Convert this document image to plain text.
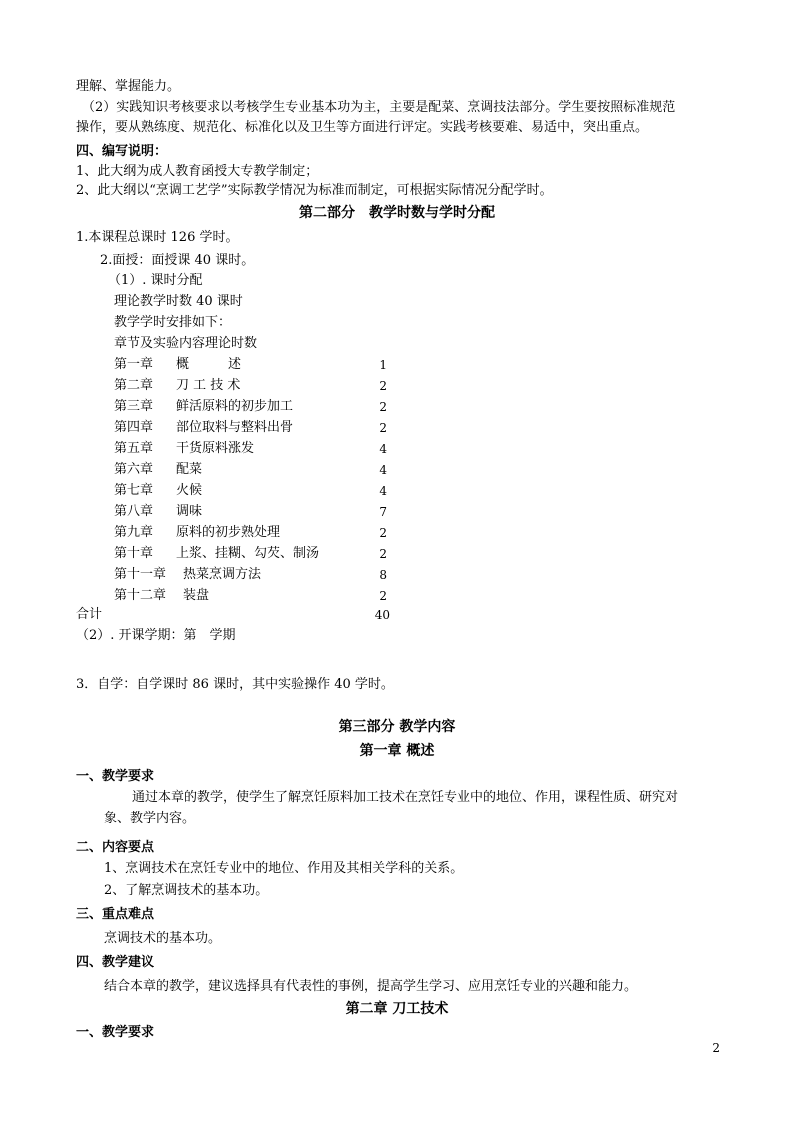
理解、掌握能力。
（2）实践知识考核要求以考核学生专业基本功为主，主要是配菜、烹调技法部分。学生要按照标准规范
操作，要从熟练度、规范化、标准化以及卫生等方面进行评定。实践考核要难、易适中，突出重点。
四、编写说明：
1、此大纲为成人教育函授大专教学制定；
2、此大纲以“烹调工艺学”实际教学情况为标准而制定，可根据实际情况分配学时。
第二部分　教学时数与学时分配
1.本课程总课时 126 学时。
2.面授：面授课 40 课时。
（1）. 课时分配
理论教学时数 40 课时
教学学时安排如下：
章节及实验内容理论时数
第一章 概　　　述	1
第二章 刀 工 技 术	2
第三章 鲜活原料的初步加工	2
第四章 部位取料与整料出骨	2
第五章 干货原料涨发	4
第六章 配菜	4
第七章 火候	4
第八章 调味	7
第九章 原料的初步熟处理	2
第十章 上浆、挂糊、勾芡、制汤	2
第十一章 热菜烹调方法	8
第十二章 装盘	2
合计	40
（2）. 开课学期：第　学期
3．自学：自学课时 86 课时，其中实验操作 40 学时。
第三部分 教学内容
第一章 概述
一、教学要求
通过本章的教学，使学生了解烹饪原料加工技术在烹饪专业中的地位、作用，课程性质、研究对
象、教学内容。
二、内容要点
1、烹调技术在烹饪专业中的地位、作用及其相关学科的关系。
2、了解烹调技术的基本功。
三、重点难点
烹调技术的基本功。
四、教学建议
结合本章的教学，建议选择具有代表性的事例，提高学生学习、应用烹饪专业的兴趣和能力。
第二章 刀工技术
一、教学要求
2
